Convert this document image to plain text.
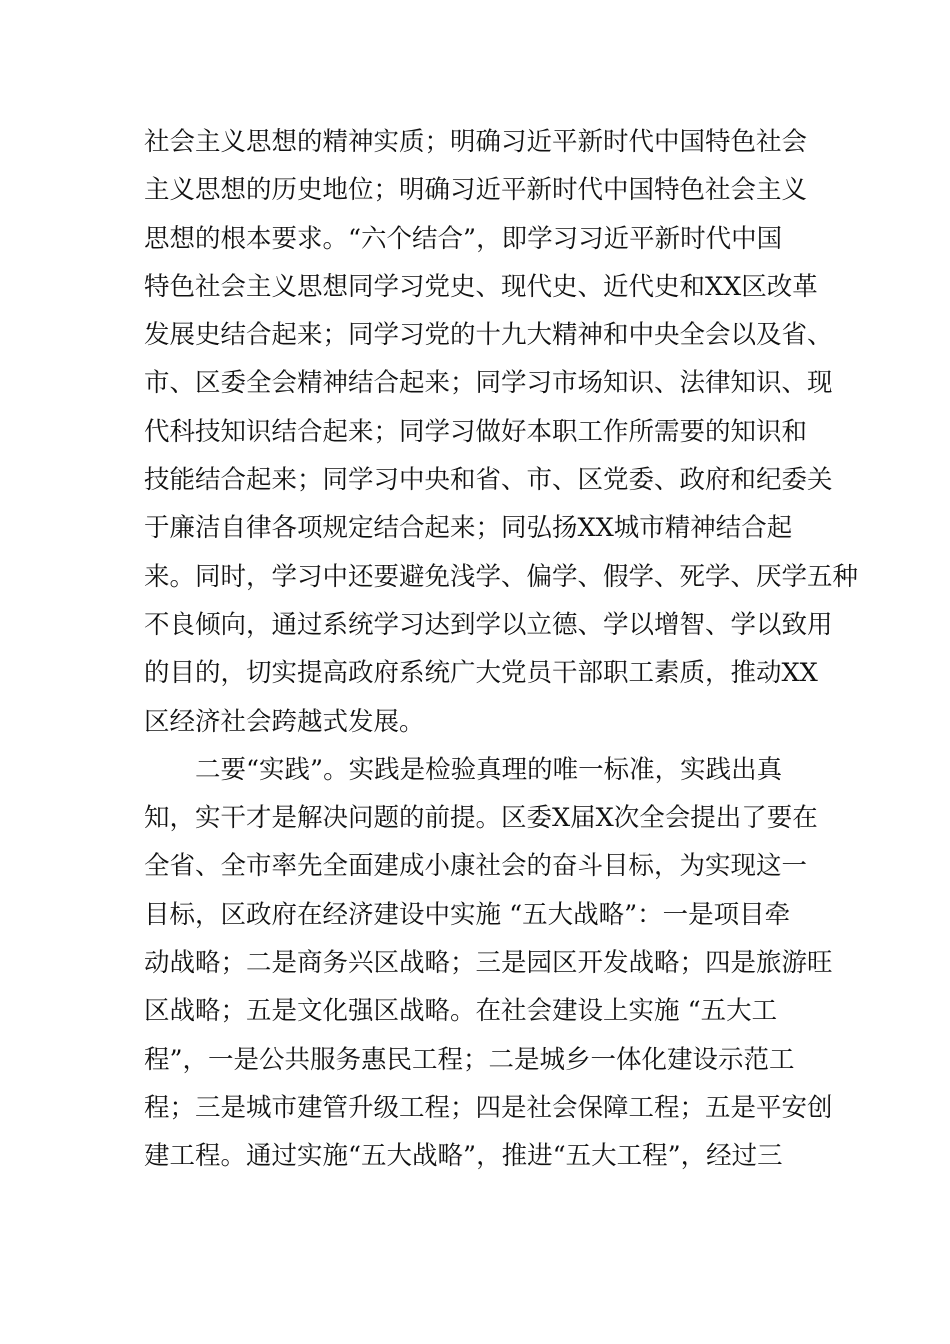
社会主义思想的精神实质；明确习近平新时代中国特色社会
主义思想的历史地位；明确习近平新时代中国特色社会主义
思想的根本要求。“六个结合”，即学习习近平新时代中国
特色社会主义思想同学习党史、现代史、近代史和XX区改革
发展史结合起来；同学习党的十九大精神和中央全会以及省、
市、区委全会精神结合起来；同学习市场知识、法律知识、现
代科技知识结合起来；同学习做好本职工作所需要的知识和
技能结合起来；同学习中央和省、市、区党委、政府和纪委关
于廉洁自律各项规定结合起来；同弘扬XX城市精神结合起
来。同时，学习中还要避免浅学、偏学、假学、死学、厌学五种
不良倾向，通过系统学习达到学以立德、学以增智、学以致用
的目的，切实提高政府系统广大党员干部职工素质，推动XX
区经济社会跨越式发展。
二要“实践”。实践是检验真理的唯一标准，实践出真
知，实干才是解决问题的前提。区委X届X次全会提出了要在
全省、全市率先全面建成小康社会的奋斗目标，为实现这一
目标，区政府在经济建设中实施 “五大战略”：一是项目牵
动战略；二是商务兴区战略；三是园区开发战略；四是旅游旺
区战略；五是文化强区战略。在社会建设上实施 “五大工
程”，一是公共服务惠民工程；二是城乡一体化建设示范工
程；三是城市建管升级工程；四是社会保障工程；五是平安创
建工程。通过实施“五大战略”，推进“五大工程”，经过三
